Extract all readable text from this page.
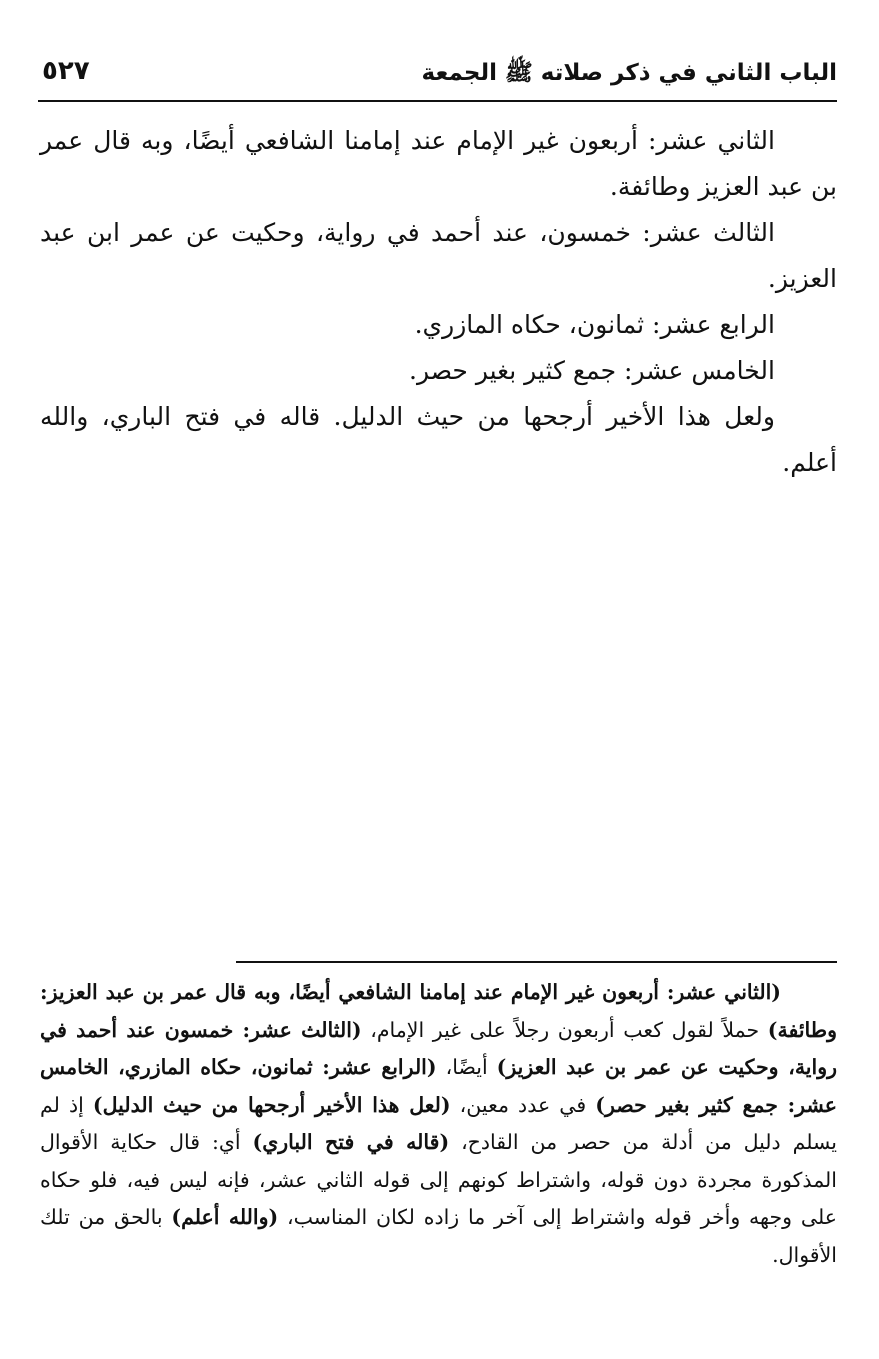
الباب الثاني في ذكر صلاته ﷺ الجمعة
٥٢٧

الثاني عشر: أربعون غير الإمام عند إمامنا الشافعي أيضًا، وبه قال عمر بن عبد العزيز وطائفة.

الثالث عشر: خمسون، عند أحمد في رواية، وحكيت عن عمر ابن عبد العزيز.

الرابع عشر: ثمانون، حكاه المازري.

الخامس عشر: جمع كثير بغير حصر.

ولعل هذا الأخير أرجحها من حيث الدليل. قاله في فتح الباري، والله أعلم.

(الثاني عشر: أربعون غير الإمام عند إمامنا الشافعي أيضًا، وبه قال عمر بن عبد العزيز: وطائفة) حملاً لقول كعب أربعون رجلاً على غير الإمام، (الثالث عشر: خمسون عند أحمد في رواية، وحكيت عن عمر بن عبد العزيز) أيضًا، (الرابع عشر: ثمانون، حكاه المازري، الخامس عشر: جمع كثير بغير حصر) في عدد معين، (لعل هذا الأخير أرجحها من حيث الدليل) إذ لم يسلم دليل من أدلة من حصر من القادح، (قاله في فتح الباري) أي: قال حكاية الأقوال المذكورة مجردة دون قوله، واشتراط كونهم إلى قوله الثاني عشر، فإنه ليس فيه، فلو حكاه على وجهه وأخر قوله واشتراط إلى آخر ما زاده لكان المناسب، (والله أعلم) بالحق من تلك الأقوال.
